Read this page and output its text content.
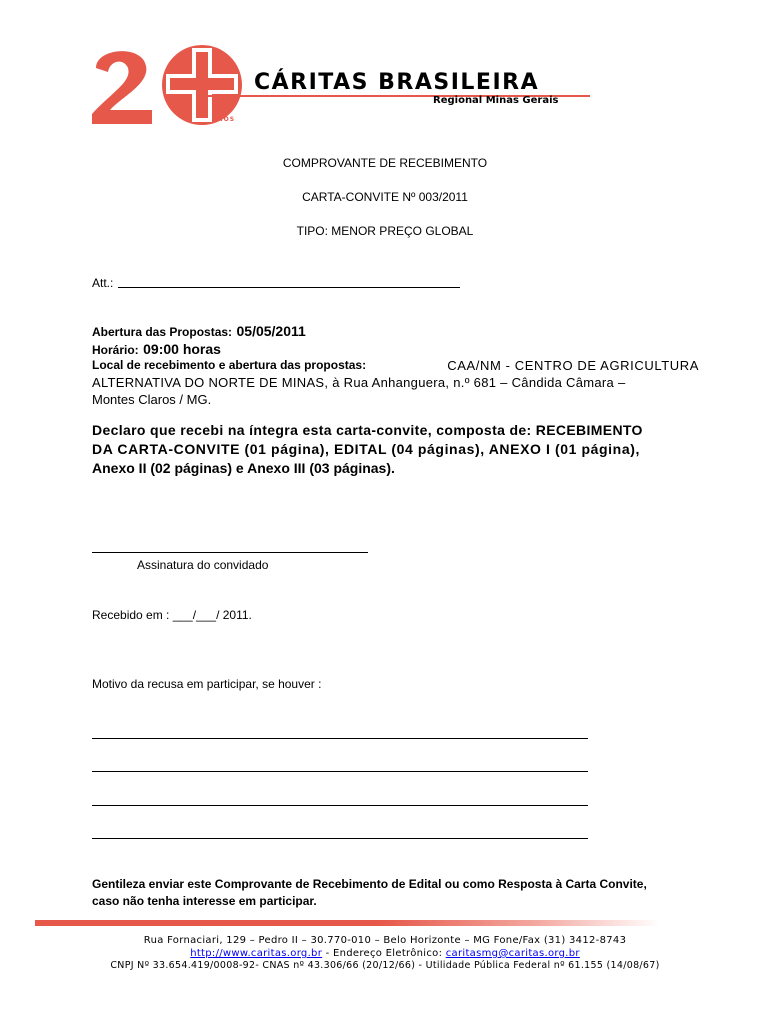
ANOS
CÁRITAS BRASILEIRA
Regional Minas Gerais
COMPROVANTE DE RECEBIMENTO
CARTA-CONVITE Nº 003/2011
TIPO: MENOR PREÇO GLOBAL
Att.:
Abertura das Propostas: 05/05/2011
Horário: 09:00 horas
Local de recebimento e abertura das propostas:	CAA/NM - CENTRO DE AGRICULTURA
ALTERNATIVA DO NORTE DE MINAS, à Rua Anhanguera, n.º 681 – Cândida Câmara –
Montes Claros / MG.
Declaro que recebi na íntegra esta carta-convite, composta de: RECEBIMENTO
DA CARTA-CONVITE (01 página), EDITAL (04 páginas), ANEXO I (01 página),
Anexo II (02 páginas) e Anexo III (03 páginas).
Assinatura do convidado
Recebido em : ___/___/ 2011.
Motivo da recusa em participar, se houver :
Gentileza enviar este Comprovante de Recebimento de Edital ou como Resposta à Carta Convite,
caso não tenha interesse em participar.
Rua Fornaciari, 129 – Pedro II – 30.770-010 – Belo Horizonte – MG Fone/Fax (31) 3412-8743
http://www.caritas.org.br - Endereço Eletrônico: caritasmg@caritas.org.br
CNPJ Nº 33.654.419/0008-92- CNAS nº 43.306/66 (20/12/66) - Utilidade Pública Federal nº 61.155 (14/08/67)
